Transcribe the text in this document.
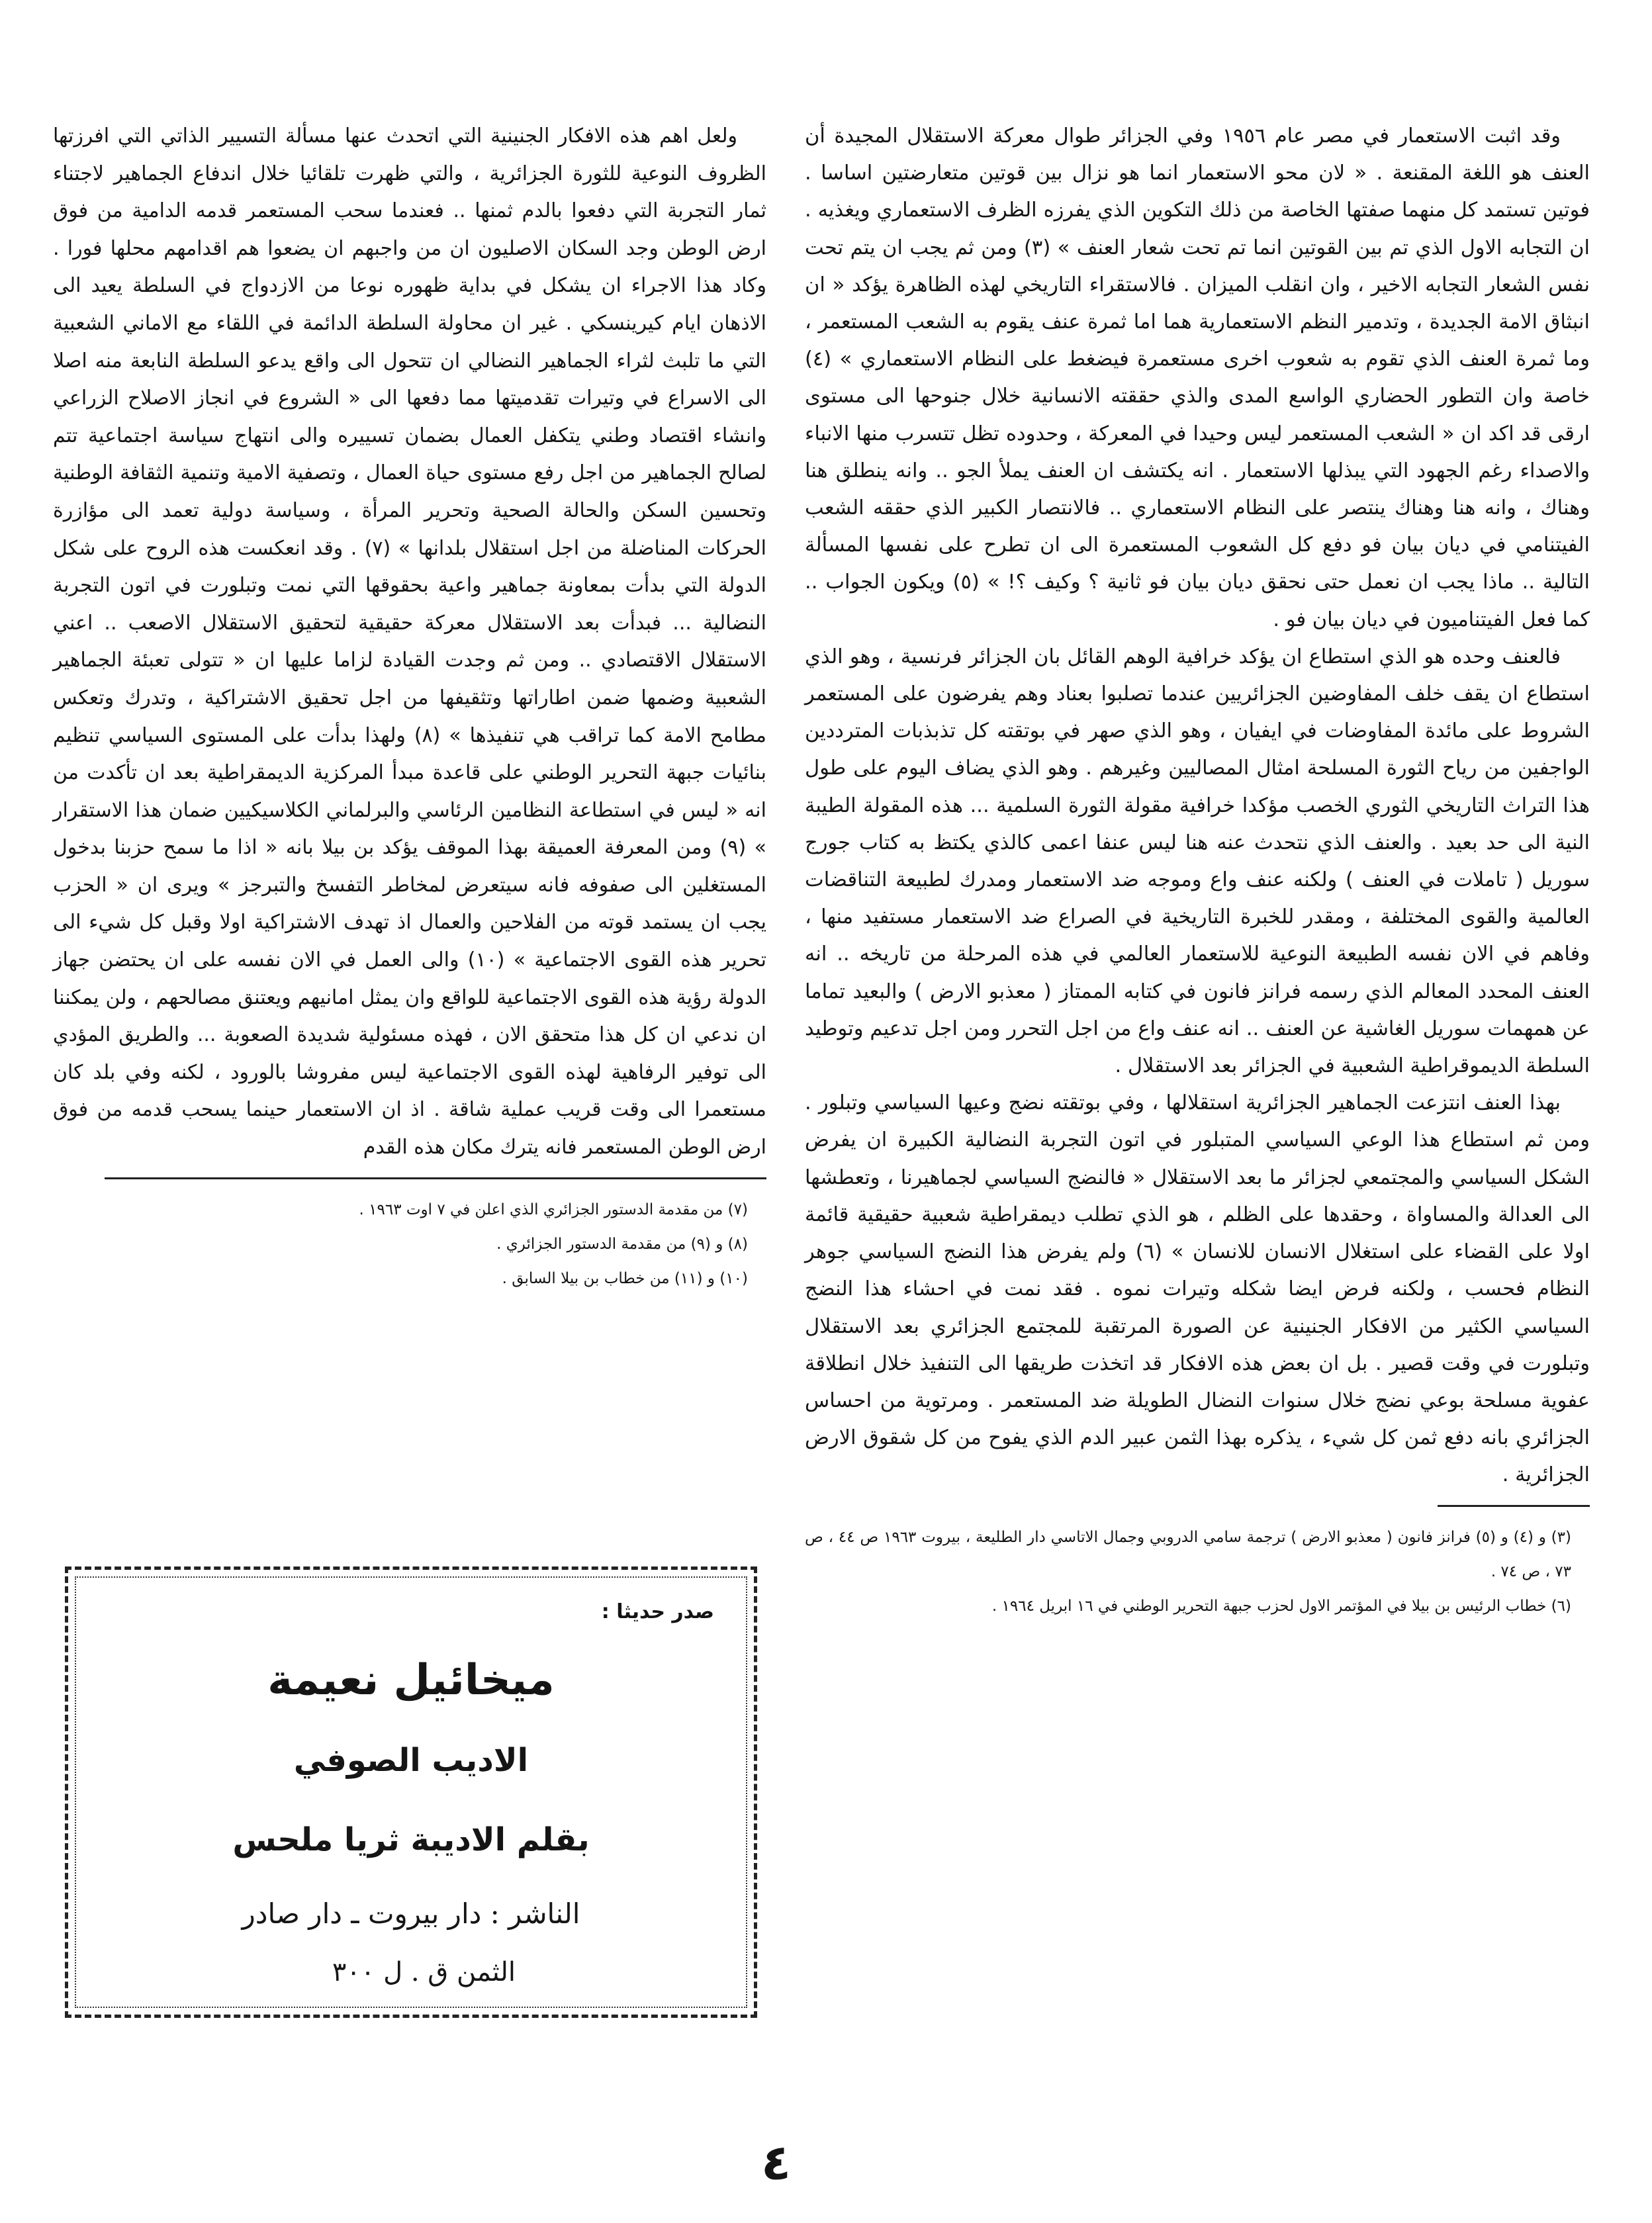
وقد اثبت الاستعمار في مصر عام ١٩٥٦ وفي الجزائر طوال معركة الاستقلال المجيدة أن العنف هو اللغة المقنعة . « لان محو الاستعمار انما هو نزال بين قوتين متعارضتين اساسا . فوتين تستمد كل منهما صفتها الخاصة من ذلك التكوين الذي يفرزه الظرف الاستعماري ويغذيه . ان التجابه الاول الذي تم بين القوتين انما تم تحت شعار العنف » (٣) ومن ثم يجب ان يتم تحت نفس الشعار التجابه الاخير ، وان انقلب الميزان . فالاستقراء التاريخي لهذه الظاهرة يؤكد « ان انبثاق الامة الجديدة ، وتدمير النظم الاستعمارية هما اما ثمرة عنف يقوم به الشعب المستعمر ، وما ثمرة العنف الذي تقوم به شعوب اخرى مستعمرة فيضغط على النظام الاستعماري » (٤) خاصة وان التطور الحضاري الواسع المدى والذي حققته الانسانية خلال جنوحها الى مستوى ارقى قد اكد ان « الشعب المستعمر ليس وحيدا في المعركة ، وحدوده تظل تتسرب منها الانباء والاصداء رغم الجهود التي يبذلها الاستعمار . انه يكتشف ان العنف يملأ الجو .. وانه ينطلق هنا وهناك ، وانه هنا وهناك ينتصر على النظام الاستعماري .. فالانتصار الكبير الذي حققه الشعب الفيتنامي في ديان بيان فو دفع كل الشعوب المستعمرة الى ان تطرح على نفسها المسألة التالية .. ماذا يجب ان نعمل حتى نحقق ديان بيان فو ثانية ؟ وكيف ؟! » (٥) ويكون الجواب .. كما فعل الفيتناميون في ديان بيان فو .

فالعنف وحده هو الذي استطاع ان يؤكد خرافية الوهم القائل بان الجزائر فرنسية ، وهو الذي استطاع ان يقف خلف المفاوضين الجزائريين عندما تصلبوا بعناد وهم يفرضون على المستعمر الشروط على مائدة المفاوضات في ايفيان ، وهو الذي صهر في بوتقته كل تذبذبات المترددين الواجفين من رياح الثورة المسلحة امثال المصاليين وغيرهم . وهو الذي يضاف اليوم على طول هذا التراث التاريخي الثوري الخصب مؤكدا خرافية مقولة الثورة السلمية ... هذه المقولة الطيبة النية الى حد بعيد . والعنف الذي نتحدث عنه هنا ليس عنفا اعمى كالذي يكتظ به كتاب جورج سوريل ( تاملات في العنف ) ولكنه عنف واع وموجه ضد الاستعمار ومدرك لطبيعة التناقضات العالمية والقوى المختلفة ، ومقدر للخبرة التاريخية في الصراع ضد الاستعمار مستفيد منها ، وفاهم في الان نفسه الطبيعة النوعية للاستعمار العالمي في هذه المرحلة من تاريخه .. انه العنف المحدد المعالم الذي رسمه فرانز فانون في كتابه الممتاز ( معذبو الارض ) والبعيد تماما عن همهمات سوريل الغاشية عن العنف .. انه عنف واع من اجل التحرر ومن اجل تدعيم وتوطيد السلطة الديموقراطية الشعبية في الجزائر بعد الاستقلال .

بهذا العنف انتزعت الجماهير الجزائرية استقلالها ، وفي بوتقته نضج وعيها السياسي وتبلور . ومن ثم استطاع هذا الوعي السياسي المتبلور في اتون التجربة النضالية الكبيرة ان يفرض الشكل السياسي والمجتمعي لجزائر ما بعد الاستقلال « فالنضج السياسي لجماهيرنا ، وتعطشها الى العدالة والمساواة ، وحقدها على الظلم ، هو الذي تطلب ديمقراطية شعبية حقيقية قائمة اولا على القضاء على استغلال الانسان للانسان » (٦) ولم يفرض هذا النضج السياسي جوهر النظام فحسب ، ولكنه فرض ايضا شكله وتيرات نموه . فقد نمت في احشاء هذا النضج السياسي الكثير من الافكار الجنينية عن الصورة المرتقبة للمجتمع الجزائري بعد الاستقلال وتبلورت في وقت قصير . بل ان بعض هذه الافكار قد اتخذت طريقها الى التنفيذ خلال انطلاقة عفوية مسلحة بوعي نضج خلال سنوات النضال الطويلة ضد المستعمر . ومرتوية من احساس الجزائري بانه دفع ثمن كل شيء ، يذكره بهذا الثمن عبير الدم الذي يفوح من كل شقوق الارض الجزائرية .

(٣) و (٤) و (٥) فرانز فانون ( معذبو الارض ) ترجمة سامي الدروبي وجمال الاتاسي دار الطليعة ، بيروت ١٩٦٣ ص ٤٤ ، ص ٧٣ ، ص ٧٤ .

(٦) خطاب الرئيس بن بيلا في المؤتمر الاول لحزب جبهة التحرير الوطني في ١٦ ابريل ١٩٦٤ .

ولعل اهم هذه الافكار الجنينية التي اتحدث عنها مسألة التسيير الذاتي التي افرزتها الظروف النوعية للثورة الجزائرية ، والتي ظهرت تلقائيا خلال اندفاع الجماهير لاجتناء ثمار التجربة التي دفعوا بالدم ثمنها .. فعندما سحب المستعمر قدمه الدامية من فوق ارض الوطن وجد السكان الاصليون ان من واجبهم ان يضعوا هم اقدامهم محلها فورا . وكاد هذا الاجراء ان يشكل في بداية ظهوره نوعا من الازدواج في السلطة يعيد الى الاذهان ايام كيرينسكي . غير ان محاولة السلطة الدائمة في اللقاء مع الاماني الشعبية التي ما تلبث لثراء الجماهير النضالي ان تتحول الى واقع يدعو السلطة النابعة منه اصلا الى الاسراع في وتيرات تقدميتها مما دفعها الى « الشروع في انجاز الاصلاح الزراعي وانشاء اقتصاد وطني يتكفل العمال بضمان تسييره والى انتهاج سياسة اجتماعية تتم لصالح الجماهير من اجل رفع مستوى حياة العمال ، وتصفية الامية وتنمية الثقافة الوطنية وتحسين السكن والحالة الصحية وتحرير المرأة ، وسياسة دولية تعمد الى مؤازرة الحركات المناضلة من اجل استقلال بلدانها » (٧) . وقد انعكست هذه الروح على شكل الدولة التي بدأت بمعاونة جماهير واعية بحقوقها التي نمت وتبلورت في اتون التجربة النضالية ... فبدأت بعد الاستقلال معركة حقيقية لتحقيق الاستقلال الاصعب .. اعني الاستقلال الاقتصادي .. ومن ثم وجدت القيادة لزاما عليها ان « تتولى تعبئة الجماهير الشعبية وضمها ضمن اطاراتها وتثقيفها من اجل تحقيق الاشتراكية ، وتدرك وتعكس مطامح الامة كما تراقب هي تنفيذها » (٨) ولهذا بدأت على المستوى السياسي تنظيم بنائيات جبهة التحرير الوطني على قاعدة مبدأ المركزية الديمقراطية بعد ان تأكدت من انه « ليس في استطاعة النظامين الرئاسي والبرلماني الكلاسيكيين ضمان هذا الاستقرار » (٩) ومن المعرفة العميقة بهذا الموقف يؤكد بن بيلا بانه « اذا ما سمح حزبنا بدخول المستغلين الى صفوفه فانه سيتعرض لمخاطر التفسخ والتبرجز » ويرى ان « الحزب يجب ان يستمد قوته من الفلاحين والعمال اذ تهدف الاشتراكية اولا وقبل كل شيء الى تحرير هذه القوى الاجتماعية » (١٠) والى العمل في الان نفسه على ان يحتضن جهاز الدولة رؤية هذه القوى الاجتماعية للواقع وان يمثل امانيهم ويعتنق مصالحهم ، ولن يمكننا ان ندعي ان كل هذا متحقق الان ، فهذه مسئولية شديدة الصعوبة ... والطريق المؤدي الى توفير الرفاهية لهذه القوى الاجتماعية ليس مفروشا بالورود ، لكنه وفي بلد كان مستعمرا الى وقت قريب عملية شاقة . اذ ان الاستعمار حينما يسحب قدمه من فوق ارض الوطن المستعمر فانه يترك مكان هذه القدم

(٧) من مقدمة الدستور الجزائري الذي اعلن في ٧ اوت ١٩٦٣ .

(٨) و (٩) من مقدمة الدستور الجزائري .

(١٠) و (١١) من خطاب بن بيلا السابق .

صدر حديثا :

ميخائيل نعيمة

الاديب الصوفي

بقلم الاديبة ثريا ملحس

الناشر : دار بيروت ـ دار صادر

الثمن ق . ل ٣٠٠

٤
